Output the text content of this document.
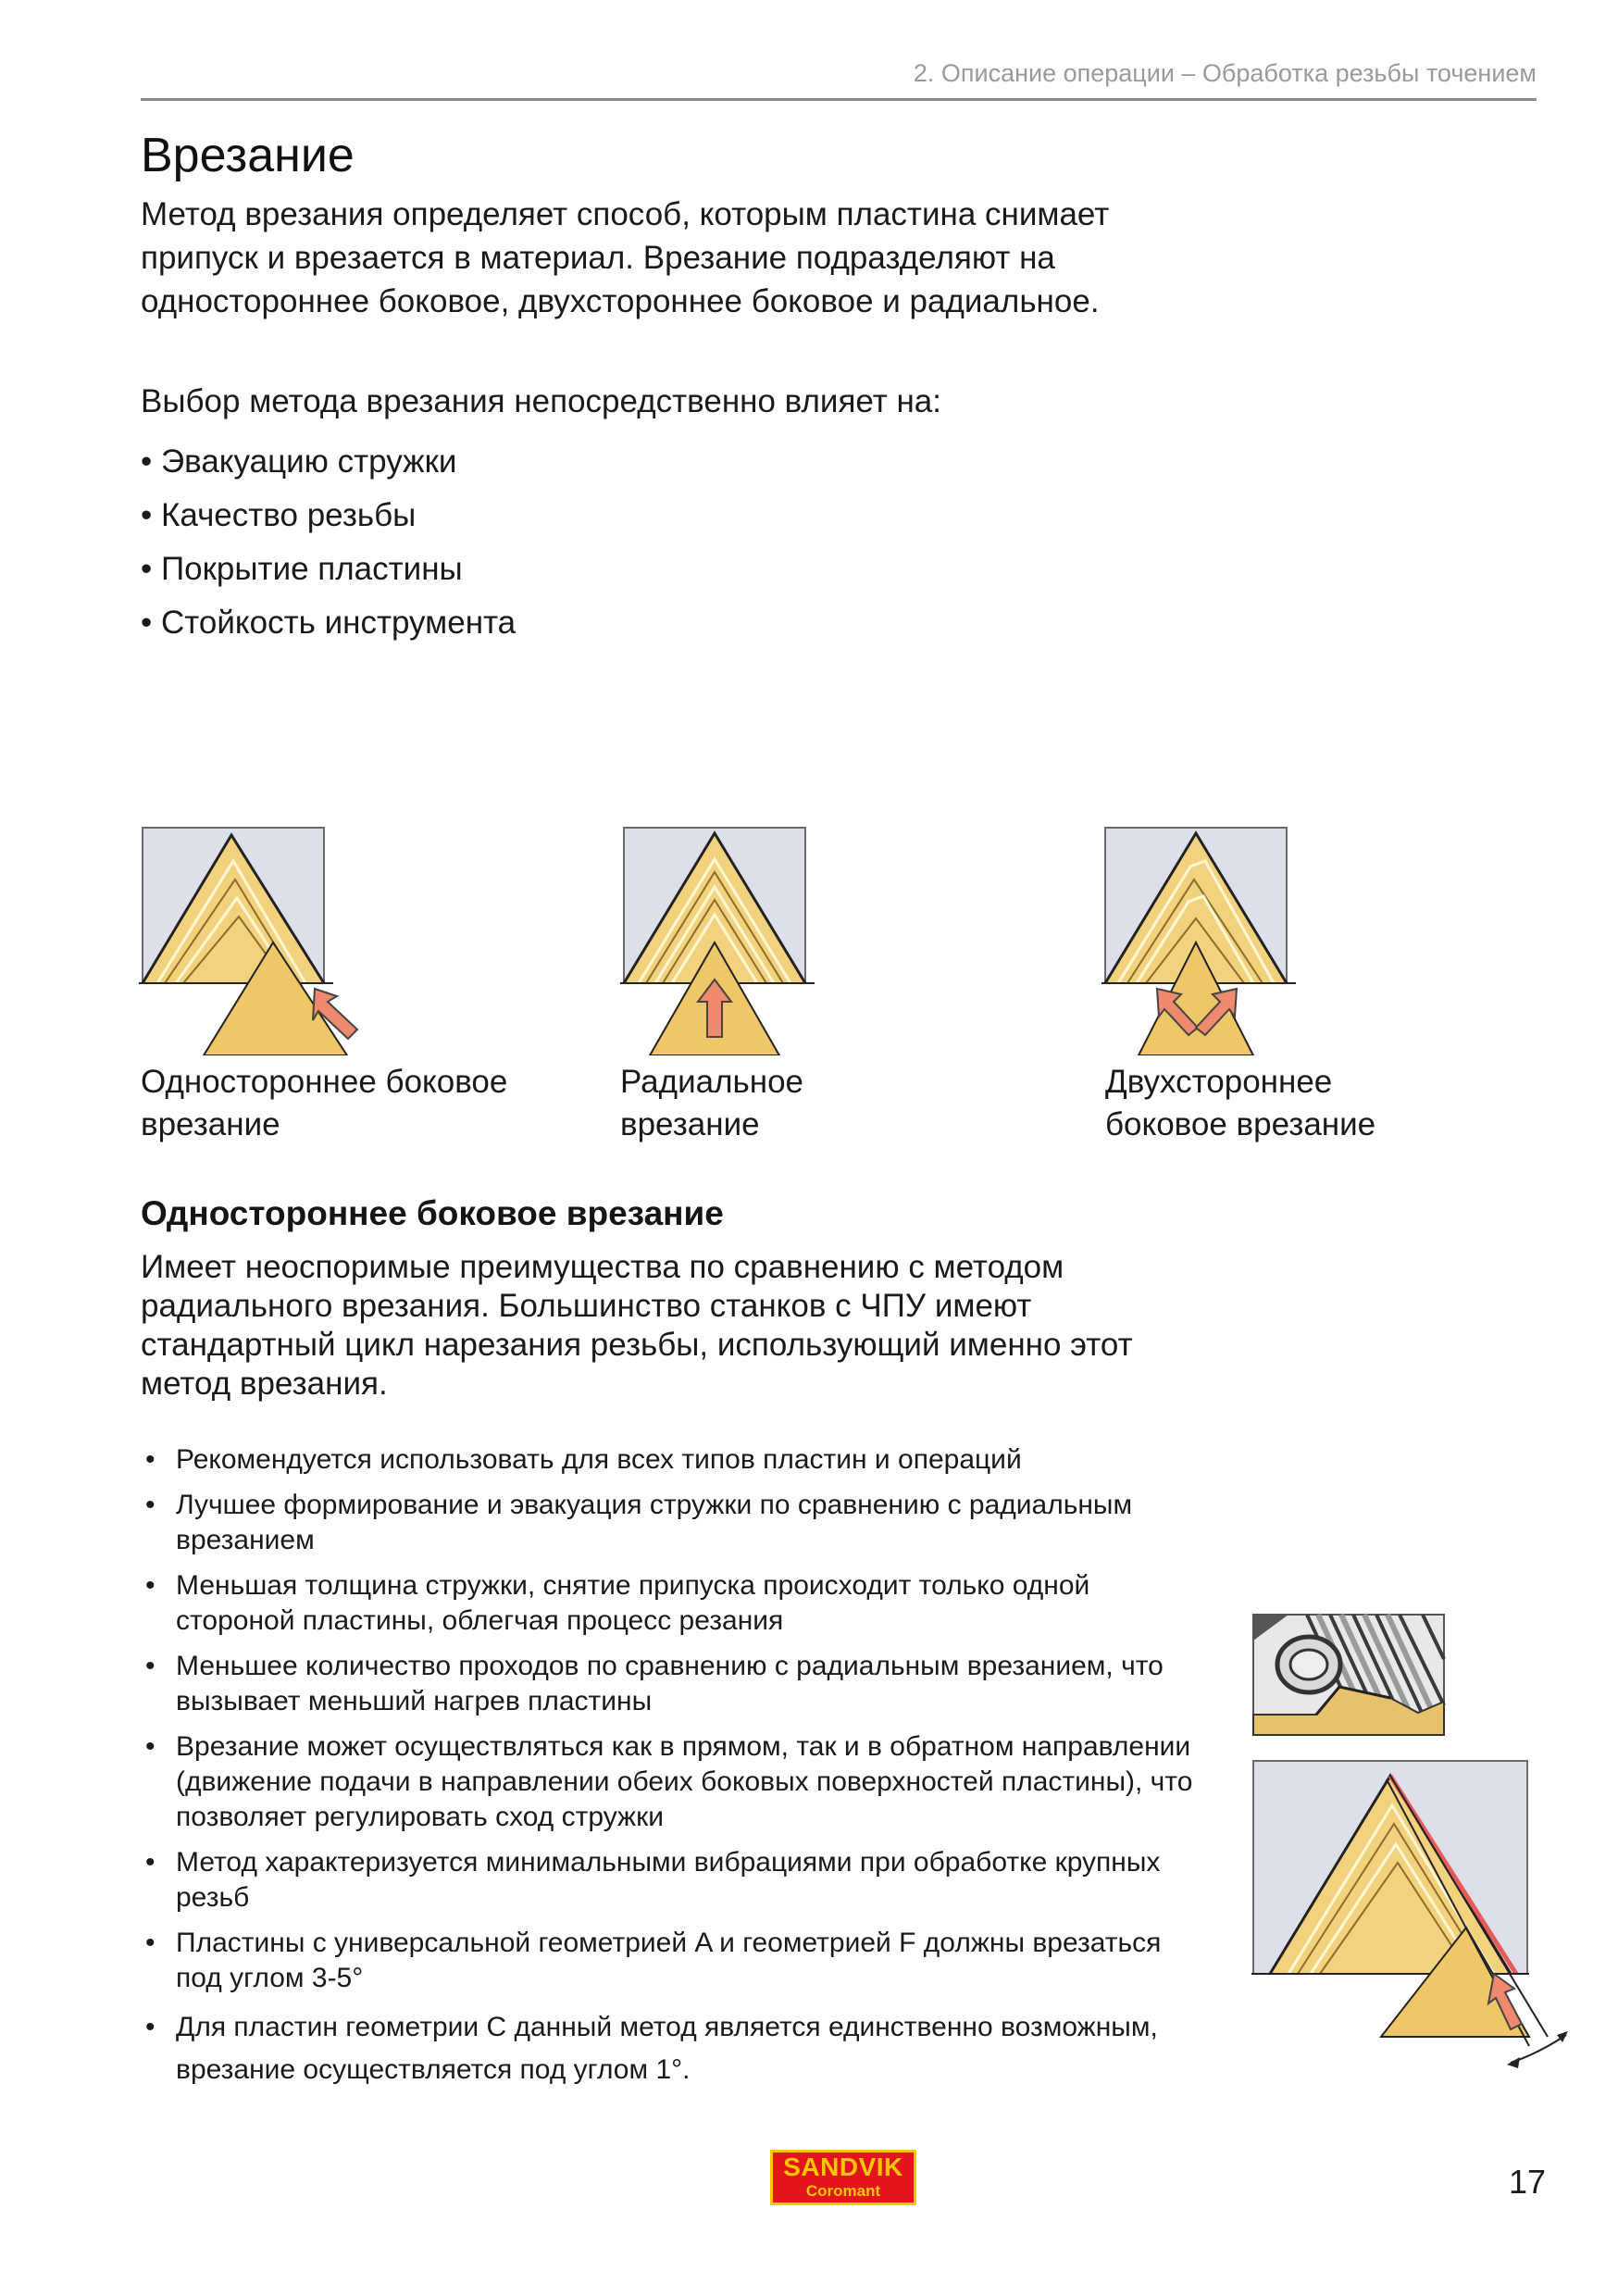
2. Описание операции – Обработка резьбы точением
Врезание
Метод врезания определяет способ, которым пластина снимает припуск и врезается в материал. Врезание подразделяют на одностороннее боковое, двухстороннее боковое и радиальное.
Выбор метода врезания непосредственно влияет на:
• Эвакуацию стружки
• Качество резьбы
• Покрытие пластины
• Стойкость инструмента
Одностороннее боковое
врезание
Радиальное
врезание
Двухстороннее
боковое врезание
Одностороннее боковое врезание
Имеет неоспоримые преимущества по сравнению с методом радиального врезания. Большинство станков с ЧПУ имеют стандартный цикл нарезания резьбы, использующий именно этот метод врезания.
• Рекомендуется использовать для всех типов пластин и операций
• Лучшее формирование и эвакуация стружки по сравнению с радиальным врезанием
• Меньшая толщина стружки, снятие припуска происходит только одной стороной пластины, облегчая процесс резания
• Меньшее количество проходов по сравнению с радиальным врезанием, что вызывает меньший нагрев пластины
• Врезание может осуществляться как в прямом, так и в обратном направлении (движение подачи в направлении обеих боковых поверхностей пластины), что позволяет регулировать сход стружки
• Метод характеризуется минимальными вибрациями при обработке крупных резьб
• Пластины с универсальной геометрией A и геометрией F должны врезаться под углом 3-5°
• Для пластин геометрии С данный метод является единственно возможным, врезание осуществляется под углом 1°.
SANDVIK
Coromant	17
